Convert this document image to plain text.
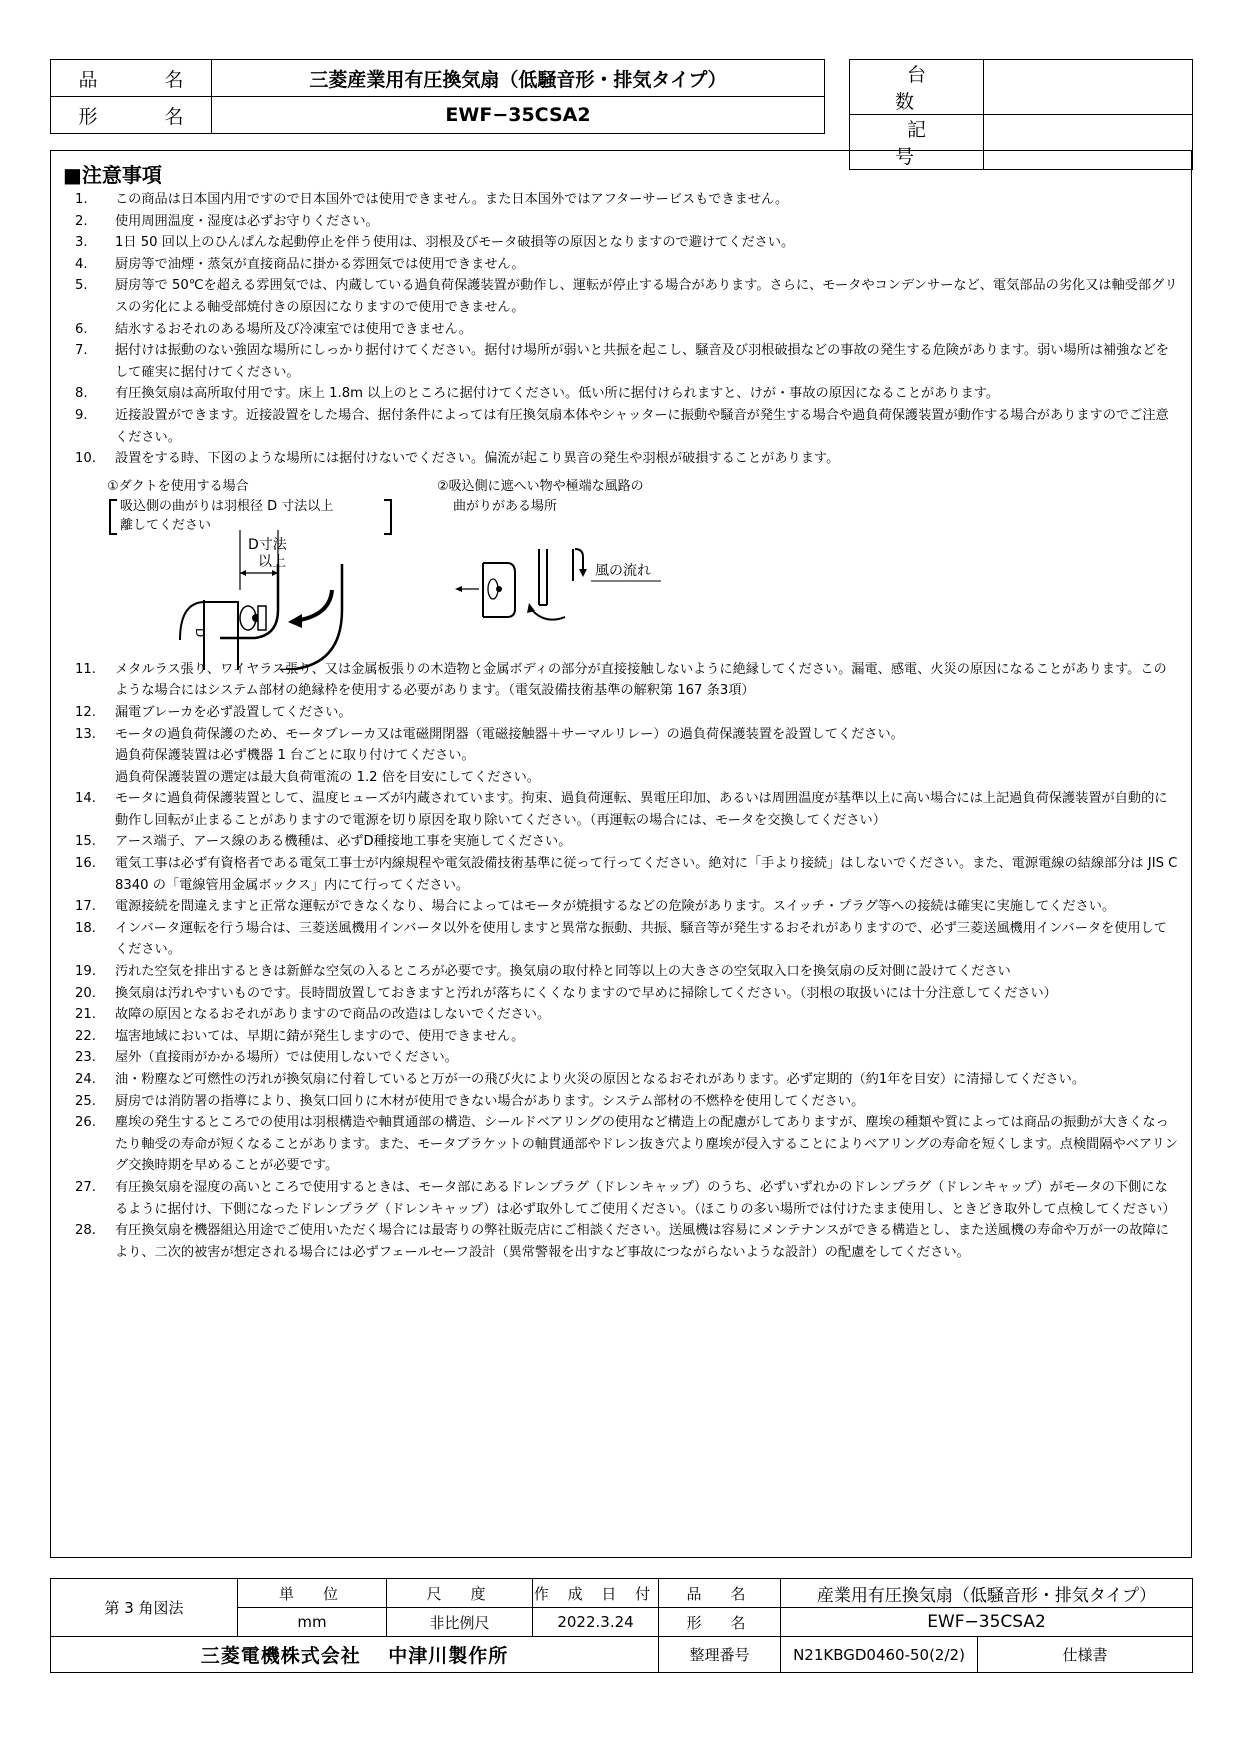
品　名	三菱産業用有圧換気扇（低騒音形・排気タイプ）
形　名	EWF−35CSA2
台　数	
記　号	
■注意事項
1.	この商品は日本国内用ですので日本国外では使用できません。また日本国外ではアフターサービスもできません。
2.	使用周囲温度・湿度は必ずお守りください。
3.	1日 50 回以上のひんぱんな起動停止を伴う使用は、羽根及びモータ破損等の原因となりますので避けてください。
4.	厨房等で油煙・蒸気が直接商品に掛かる雰囲気では使用できません。
5.	厨房等で 50℃を超える雰囲気では、内蔵している過負荷保護装置が動作し、運転が停止する場合があります。さらに、モータやコンデンサーなど、電気部品の劣化又は軸受部グリスの劣化による軸受部焼付きの原因になりますので使用できません。
6.	結氷するおそれのある場所及び冷凍室では使用できません。
7.	据付けは振動のない強固な場所にしっかり据付けてください。据付け場所が弱いと共振を起こし、騒音及び羽根破損などの事故の発生する危険があります。弱い場所は補強などをして確実に据付けてください。
8.	有圧換気扇は高所取付用です。床上 1.8m 以上のところに据付けてください。低い所に据付けられますと、けが・事故の原因になることがあります。
9.	近接設置ができます。近接設置をした場合、据付条件によっては有圧換気扇本体やシャッターに振動や騒音が発生する場合や過負荷保護装置が動作する場合がありますのでご注意ください。
10.	設置をする時、下図のような場所には据付けないでください。偏流が起こり異音の発生や羽根が破損することがあります。
11.	メタルラス張り、ワイヤラス張り、又は金属板張りの木造物と金属ボディの部分が直接接触しないように絶縁してください。漏電、感電、火災の原因になることがあります。このような場合にはシステム部材の絶縁枠を使用する必要があります。（電気設備技術基準の解釈第 167 条3項）
12.	漏電ブレーカを必ず設置してください。
13.	モータの過負荷保護のため、モータブレーカ又は電磁開閉器（電磁接触器＋サーマルリレー）の過負荷保護装置を設置してください。
過負荷保護装置は必ず機器 1 台ごとに取り付けてください。
過負荷保護装置の選定は最大負荷電流の 1.2 倍を目安にしてください。
14.	モータに過負荷保護装置として、温度ヒューズが内蔵されています。拘束、過負荷運転、異電圧印加、あるいは周囲温度が基準以上に高い場合には上記過負荷保護装置が自動的に動作し回転が止まることがありますので電源を切り原因を取り除いてください。（再運転の場合には、モータを交換してください）
15.	アース端子、アース線のある機種は、必ずD種接地工事を実施してください。
16.	電気工事は必ず有資格者である電気工事士が内線規程や電気設備技術基準に従って行ってください。絶対に「手より接続」はしないでください。また、電源電線の結線部分は JIS C 8340 の「電線管用金属ボックス」内にて行ってください。
17.	電源接続を間違えますと正常な運転ができなくなり、場合によってはモータが焼損するなどの危険があります。スイッチ・プラグ等への接続は確実に実施してください。
18.	インバータ運転を行う場合は、三菱送風機用インバータ以外を使用しますと異常な振動、共振、騒音等が発生するおそれがありますので、必ず三菱送風機用インバータを使用してください。
19.	汚れた空気を排出するときは新鮮な空気の入るところが必要です。換気扇の取付枠と同等以上の大きさの空気取入口を換気扇の反対側に設けてください
20.	換気扇は汚れやすいものです。長時間放置しておきますと汚れが落ちにくくなりますので早めに掃除してください。（羽根の取扱いには十分注意してください）
21.	故障の原因となるおそれがありますので商品の改造はしないでください。
22.	塩害地域においては、早期に錆が発生しますので、使用できません。
23.	屋外（直接雨がかかる場所）では使用しないでください。
24.	油・粉塵など可燃性の汚れが換気扇に付着していると万が一の飛び火により火災の原因となるおそれがあります。必ず定期的（約1年を目安）に清掃してください。
25.	厨房では消防署の指導により、換気口回りに木材が使用できない場合があります。システム部材の不燃枠を使用してください。
26.	塵埃の発生するところでの使用は羽根構造や軸貫通部の構造、シールドベアリングの使用など構造上の配慮がしてありますが、塵埃の種類や質によっては商品の振動が大きくなったり軸受の寿命が短くなることがあります。また、モータブラケットの軸貫通部やドレン抜き穴より塵埃が侵入することによりベアリングの寿命を短くします。点検間隔やベアリング交換時期を早めることが必要です。
27.	有圧換気扇を湿度の高いところで使用するときは、モータ部にあるドレンプラグ（ドレンキャップ）のうち、必ずいずれかのドレンプラグ（ドレンキャップ）がモータの下側になるように据付け、下側になったドレンプラグ（ドレンキャップ）は必ず取外してご使用ください。（ほこりの多い場所では付けたまま使用し、ときどき取外して点検してください）
28.	有圧換気扇を機器組込用途でご使用いただく場合には最寄りの弊社販売店にご相談ください。送風機は容易にメンテナンスができる構造とし、また送風機の寿命や万が一の故障により、二次的被害が想定される場合には必ずフェールセーフ設計（異常警報を出すなど事故につながらないような設計）の配慮をしてください。
①ダクトを使用する場合
吸込側の曲がりは羽根径 D 寸法以上
離してください
D寸法
以上
D
②吸込側に遮へい物や極端な風路の
曲がりがある場所
風の流れ
第 3 角図法	単　位	尺　度	作 成 日 付	品　名	産業用有圧換気扇（低騒音形・排気タイプ）	
	mm	非比例尺	2022.3.24	形　名	EWF−35CSA2	
三菱電機株式会社　 中津川製作所				整理番号	N21KBGD0460-50(2/2)	仕様書
